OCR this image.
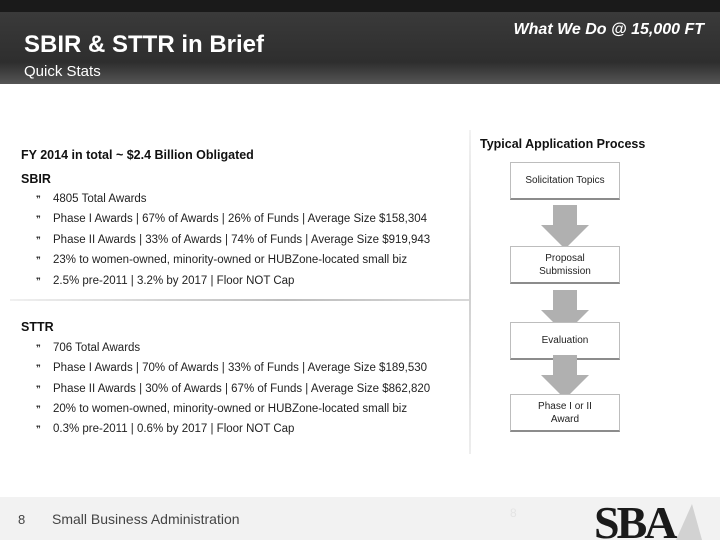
SBIR & STTR in Brief
Quick Stats
What We Do @ 15,000 FT
FY 2014 in total ~ $2.4 Billion Obligated
SBIR
❞ 4805 Total Awards
❞ Phase I Awards | 67% of Awards | 26% of Funds | Average Size $158,304
❞ Phase II Awards | 33% of Awards | 74% of Funds | Average Size $919,943
❞ 23% to women-owned, minority-owned or HUBZone-located small biz
❞ 2.5% pre-2011 | 3.2% by 2017 | Floor NOT Cap
STTR
❞ 706 Total Awards
❞ Phase I Awards | 70% of Awards | 33% of Funds | Average Size $189,530
❞ Phase II Awards | 30% of Awards | 67% of Funds | Average Size $862,820
❞ 20% to women-owned, minority-owned or HUBZone-located small biz
❞ 0.3% pre-2011 | 0.6% by 2017 | Floor NOT Cap
Typical Application Process
Solicitation Topics
Proposal Submission
Evaluation
Phase I or II Award
8 Small Business Administration	8 SBA
